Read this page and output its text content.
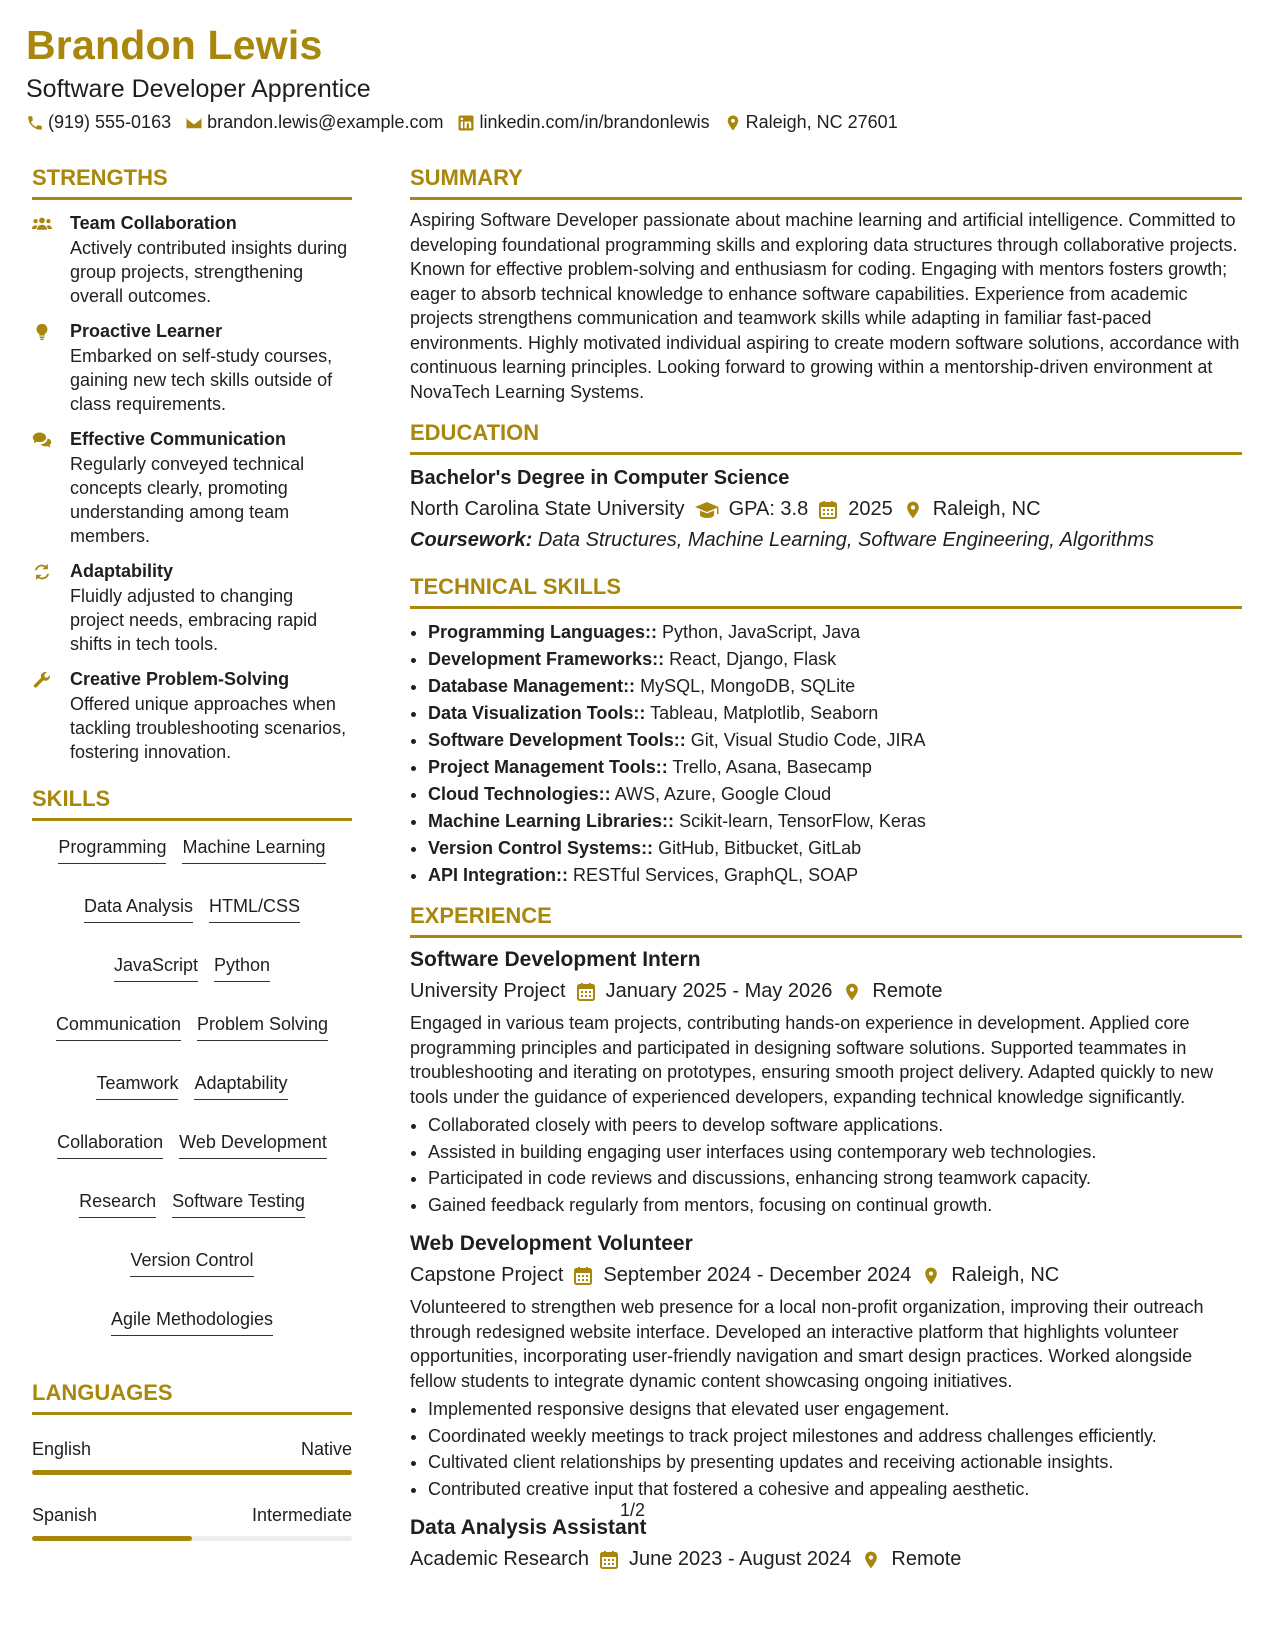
Brandon Lewis
Software Developer Apprentice
(919) 555-0163 brandon.lewis@example.com linkedin.com/in/brandonlewis Raleigh, NC 27601
STRENGTHS
Team Collaboration
Actively contributed insights during group projects, strengthening overall outcomes.
Proactive Learner
Embarked on self-study courses, gaining new tech skills outside of class requirements.
Effective Communication
Regularly conveyed technical concepts clearly, promoting understanding among team members.
Adaptability
Fluidly adjusted to changing project needs, embracing rapid shifts in tech tools.
Creative Problem-Solving
Offered unique approaches when tackling troubleshooting scenarios, fostering innovation.
SKILLS
Programming Machine Learning
Data Analysis HTML/CSS
JavaScript Python
Communication Problem Solving
Teamwork Adaptability
Collaboration Web Development
Research Software Testing
Version Control
Agile Methodologies
LANGUAGES
English	Native
Spanish	Intermediate
SUMMARY
Aspiring Software Developer passionate about machine learning and artificial intelligence. Committed to developing foundational programming skills and exploring data structures through collaborative projects. Known for effective problem-solving and enthusiasm for coding. Engaging with mentors fosters growth; eager to absorb technical knowledge to enhance software capabilities. Experience from academic projects strengthens communication and teamwork skills while adapting in familiar fast-paced environments. Highly motivated individual aspiring to create modern software solutions, accordance with continuous learning principles. Looking forward to growing within a mentorship-driven environment at NovaTech Learning Systems.
EDUCATION
Bachelor's Degree in Computer Science
North Carolina State University GPA: 3.8 2025 Raleigh, NC
Coursework: Data Structures, Machine Learning, Software Engineering, Algorithms
TECHNICAL SKILLS
• Programming Languages:: Python, JavaScript, Java
• Development Frameworks:: React, Django, Flask
• Database Management:: MySQL, MongoDB, SQLite
• Data Visualization Tools:: Tableau, Matplotlib, Seaborn
• Software Development Tools:: Git, Visual Studio Code, JIRA
• Project Management Tools:: Trello, Asana, Basecamp
• Cloud Technologies:: AWS, Azure, Google Cloud
• Machine Learning Libraries:: Scikit-learn, TensorFlow, Keras
• Version Control Systems:: GitHub, Bitbucket, GitLab
• API Integration:: RESTful Services, GraphQL, SOAP
EXPERIENCE
Software Development Intern
University Project January 2025 - May 2026 Remote
Engaged in various team projects, contributing hands-on experience in development. Applied core programming principles and participated in designing software solutions. Supported teammates in troubleshooting and iterating on prototypes, ensuring smooth project delivery. Adapted quickly to new tools under the guidance of experienced developers, expanding technical knowledge significantly.
• Collaborated closely with peers to develop software applications.
• Assisted in building engaging user interfaces using contemporary web technologies.
• Participated in code reviews and discussions, enhancing strong teamwork capacity.
• Gained feedback regularly from mentors, focusing on continual growth.
Web Development Volunteer
Capstone Project September 2024 - December 2024 Raleigh, NC
Volunteered to strengthen web presence for a local non-profit organization, improving their outreach through redesigned website interface. Developed an interactive platform that highlights volunteer opportunities, incorporating user-friendly navigation and smart design practices. Worked alongside fellow students to integrate dynamic content showcasing ongoing initiatives.
• Implemented responsive designs that elevated user engagement.
• Coordinated weekly meetings to track project milestones and address challenges efficiently.
• Cultivated client relationships by presenting updates and receiving actionable insights.
• Contributed creative input that fostered a cohesive and appealing aesthetic.
Data Analysis Assistant
Academic Research June 2023 - August 2024 Remote
1/2
